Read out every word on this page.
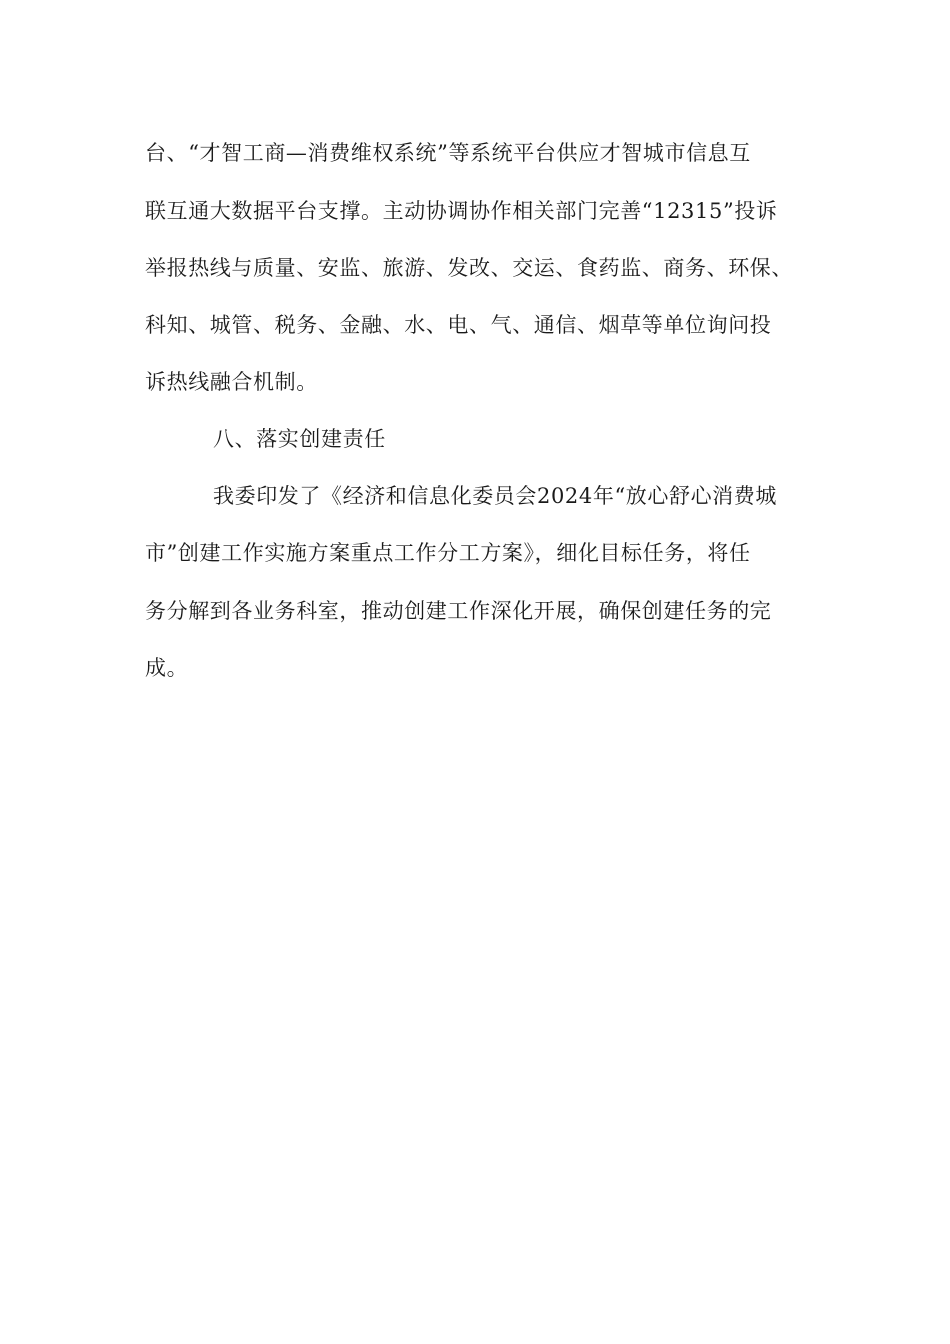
台、“才智工商—消费维权系统”等系统平台供应才智城市信息互
联互通大数据平台支撑。主动协调协作相关部门完善“12315”投诉
举报热线与质量、安监、旅游、发改、交运、食药监、商务、环保、
科知、城管、税务、金融、水、电、气、通信、烟草等单位询问投
诉热线融合机制。
八、落实创建责任
我委印发了《经济和信息化委员会2024年“放心舒心消费城
市”创建工作实施方案重点工作分工方案》，细化目标任务，将任
务分解到各业务科室，推动创建工作深化开展，确保创建任务的完
成。
